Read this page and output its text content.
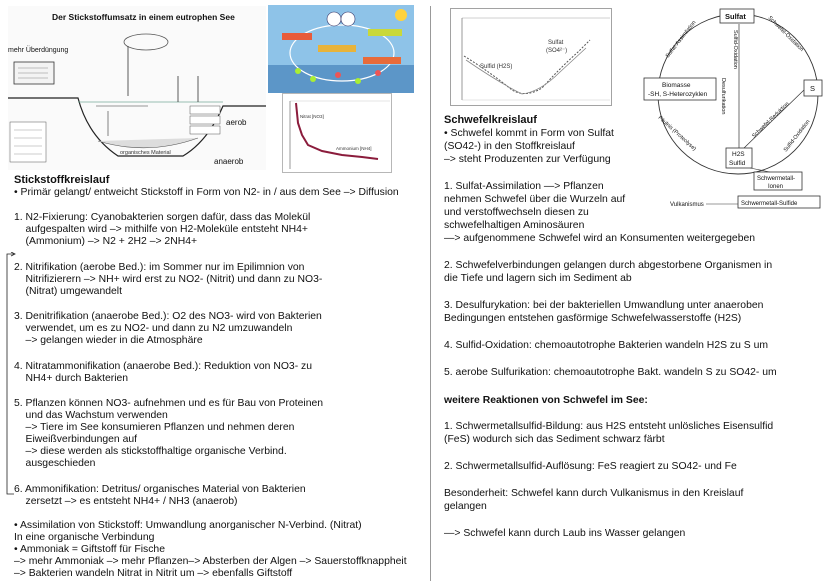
Der Stickstoffumsatz in einem eutrophen See
mehr Überdüngung
organisches Material
aerob
anaerob
Nitrat [NO3]
Ammonium [NH4]
Stickstoffkreislauf
• Primär gelangt/ entweicht Stickstoff in Form von N2- in / aus dem See –> Diffusion
1. N2-Fixierung: Cyanobakterien sorgen dafür, dass das Molekül
aufgespalten wird –> mithilfe von H2-Moleküle entsteht NH4+
(Ammonium) –> N2 + 2H2 –> 2NH4+
2. Nitrifikation (aerobe Bed.): im Sommer nur im Epilimnion von
Nitrifizierern –> NH+ wird erst zu NO2- (Nitrit) und dann zu NO3-
(Nitrat) umgewandelt
3. Denitrifikation (anaerobe Bed.): O2 des NO3- wird von Bakterien
verwendet, um es zu NO2- und dann zu N2 umzuwandeln
–> gelangen wieder in die Atmosphäre
4. Nitratammonifikation (anaerobe Bed.): Reduktion von NO3- zu
NH4+ durch Bakterien
5. Pflanzen können NO3- aufnehmen und es für Bau von Proteinen
und das Wachstum verwenden
–> Tiere im See konsumieren Pflanzen und nehmen deren
Eiweißverbindungen auf
–> diese werden als stickstoffhaltige organische Verbind.
ausgeschieden
6. Ammonifikation: Detritus/ organisches Material von Bakterien
zersetzt –> es entsteht NH4+ / NH3 (anaerob)
• Assimilation von Stickstoff: Umwandlung anorganischer N-Verbind. (Nitrat)
In eine organische Verbindung
• Ammoniak = Giftstoff für Fische
–> mehr Ammoniak –> mehr Pflanzen–> Absterben der Algen –> Sauerstoffknappheit
–> Bakterien wandeln Nitrat in Nitrit um –> ebenfalls Giftstoff
Sulfat
(SO4²⁻)
Sulfid (H2S)
Sulfat
Biomasse
-SH, S-Heterozyklen
S
H2S
Sulfid
Schwermetall-
Ionen
Schwermetall-Sulfide
Vulkanismus
Sulfat-Assimilation	Schwefel-Oxidation
Sulfid-Oxidation
Desulfurikation
Fäulnis (Proteolyse)	Schwefel-Reduktion
Sulfid-Oxidation
Schwefelkreislauf
• Schwefel kommt in Form von Sulfat
(SO42-) in den Stoffkreislauf
–> steht Produzenten zur Verfügung
1. Sulfat-Assimilation —> Pflanzen
nehmen Schwefel über die Wurzeln auf
und verstoffwechseln diesen zu
schwefelhaltigen Aminosäuren
—> aufgenommene Schwefel wird an Konsumenten weitergegeben
2. Schwefelverbindungen gelangen durch abgestorbene Organismen in
die Tiefe und lagern sich im Sediment ab
3. Desulfurykation: bei der bakteriellen Umwandlung unter anaeroben
Bedingungen entstehen gasförmige Schwefelwasserstoffe (H2S)
4. Sulfid-Oxidation: chemoautotrophe Bakterien wandeln H2S zu S um
5. aerobe Sulfurikation: chemoautotrophe Bakt. wandeln S zu SO42- um
weitere Reaktionen von Schwefel im See:
1. Schwermetallsulfid-Bildung: aus H2S entsteht unlösliches Eisensulfid
(FeS) wodurch sich das Sediment schwarz färbt
2. Schwermetallsulfid-Auflösung: FeS reagiert zu SO42- und Fe
Besonderheit: Schwefel kann durch Vulkanismus in den Kreislauf
gelangen
—> Schwefel kann durch Laub ins Wasser gelangen
